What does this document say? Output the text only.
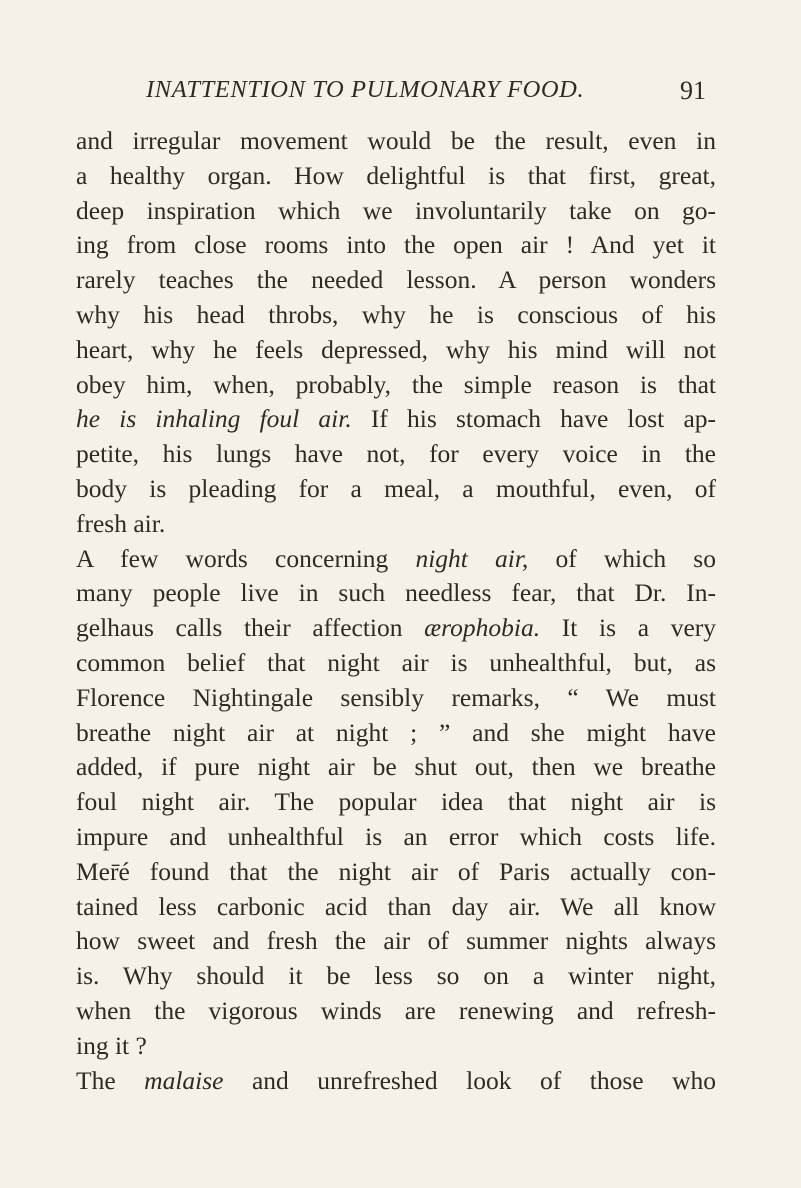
INATTENTION TO PULMONARY FOOD.	91
and irregular movement would be the result, even in
a healthy organ. How delightful is that first, great,
deep inspiration which we involuntarily take on go-
ing from close rooms into the open air ! And yet it
rarely teaches the needed lesson. A person wonders
why his head throbs, why he is conscious of his
heart, why he feels depressed, why his mind will not
obey him, when, probably, the simple reason is that
he is inhaling foul air. If his stomach have lost ap-
petite, his lungs have not, for every voice in the
body is pleading for a meal, a mouthful, even, of
fresh air.
A few words concerning night air, of which so
many people live in such needless fear, that Dr. In-
gelhaus calls their affection ærophobia. It is a very
common belief that night air is unhealthful, but, as
Florence Nightingale sensibly remarks, “ We must
breathe night air at night ; ” and she might have
added, if pure night air be shut out, then we breathe
foul night air. The popular idea that night air is
impure and unhealthful is an error which costs life.
Mer̄é found that the night air of Paris actually con-
tained less carbonic acid than day air. We all know
how sweet and fresh the air of summer nights always
is. Why should it be less so on a winter night,
when the vigorous winds are renewing and refresh-
ing it ?
The malaise and unrefreshed look of those who
